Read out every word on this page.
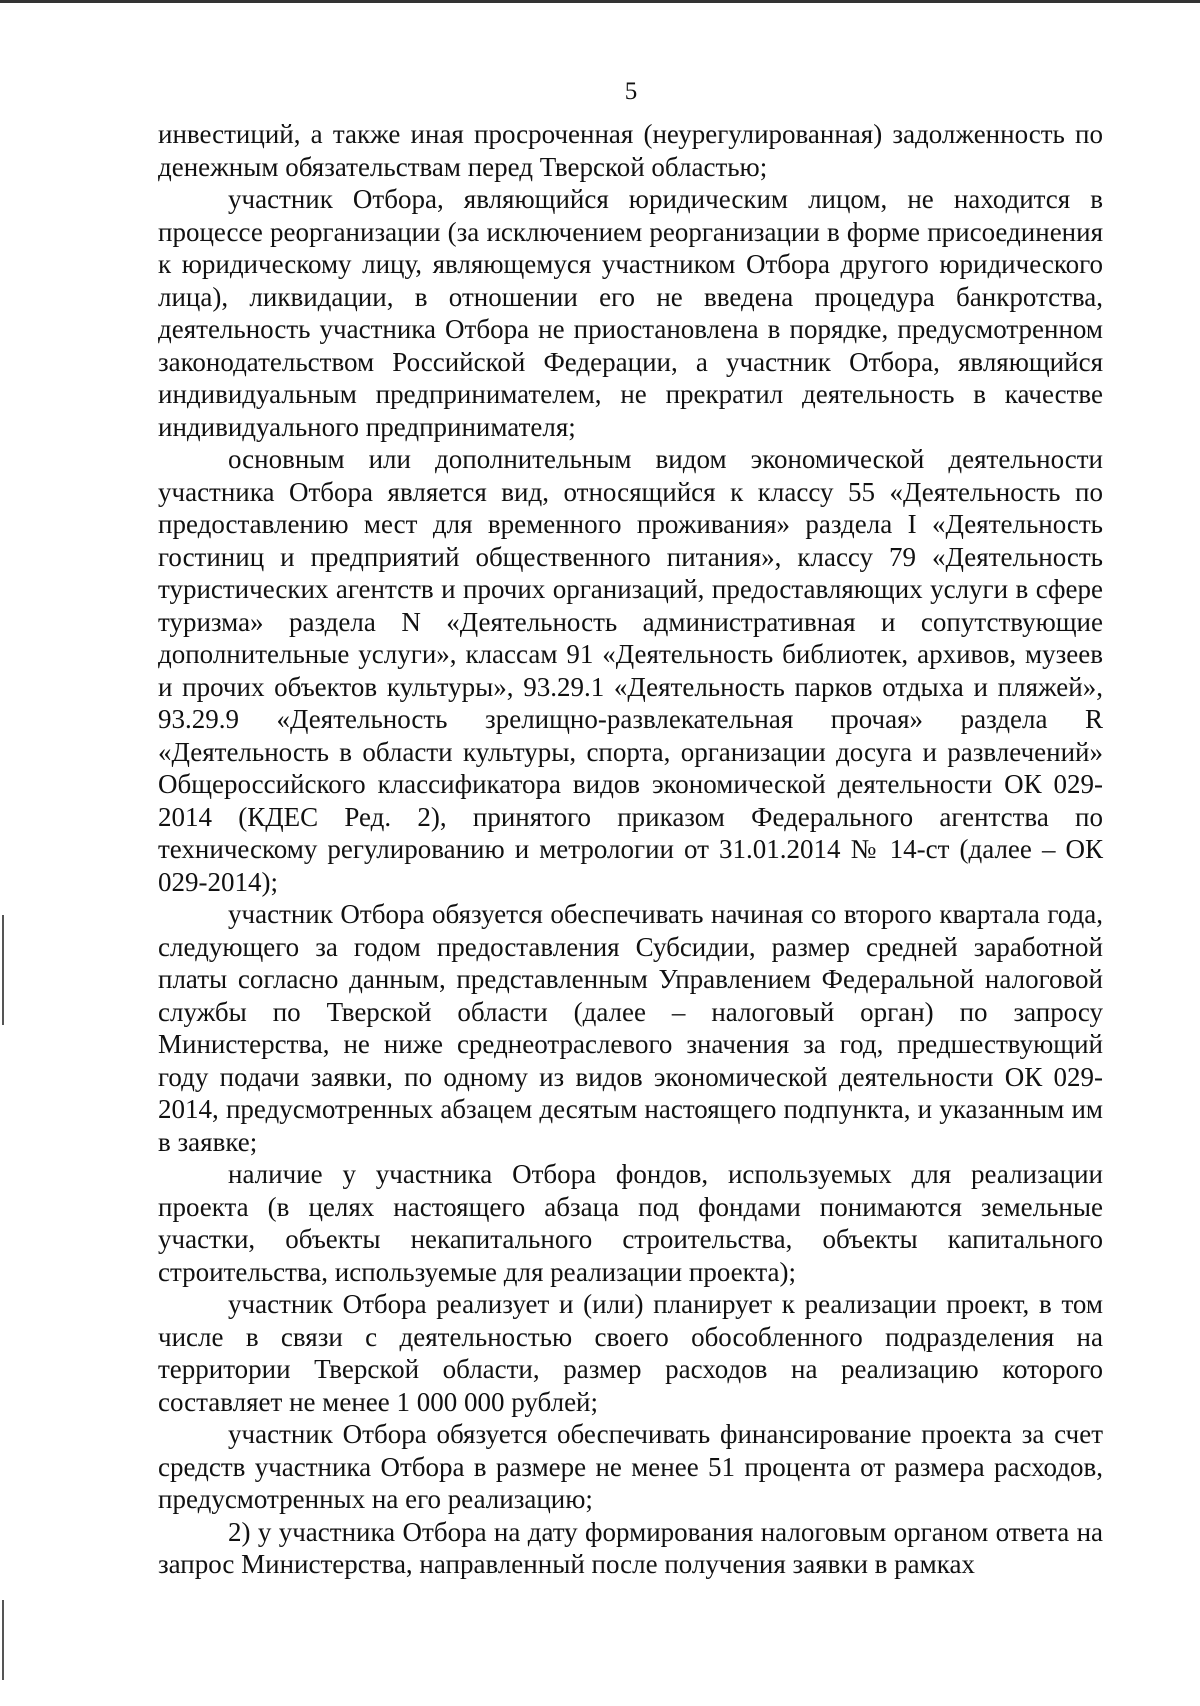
5

инвестиций, а также иная просроченная (неурегулированная) задолженность по денежным обязательствам перед Тверской областью;

участник Отбора, являющийся юридическим лицом, не находится в процессе реорганизации (за исключением реорганизации в форме присоединения к юридическому лицу, являющемуся участником Отбора другого юридического лица), ликвидации, в отношении его не введена процедура банкротства, деятельность участника Отбора не приостановлена в порядке, предусмотренном законодательством Российской Федерации, а участник Отбора, являющийся индивидуальным предпринимателем, не прекратил деятельность в качестве индивидуального предпринимателя;

основным или дополнительным видом экономической деятельности участника Отбора является вид, относящийся к классу 55 «Деятельность по предоставлению мест для временного проживания» раздела I «Деятельность гостиниц и предприятий общественного питания», классу 79 «Деятельность туристических агентств и прочих организаций, предоставляющих услуги в сфере туризма» раздела N «Деятельность административная и сопутствующие дополнительные услуги», классам 91 «Деятельность библиотек, архивов, музеев и прочих объектов культуры», 93.29.1 «Деятельность парков отдыха и пляжей», 93.29.9 «Деятельность зрелищно-развлекательная прочая» раздела R «Деятельность в области культуры, спорта, организации досуга и развлечений» Общероссийского классификатора видов экономической деятельности ОК 029-2014 (КДЕС Ред. 2), принятого приказом Федерального агентства по техническому регулированию и метрологии от 31.01.2014 № 14-ст (далее – ОК 029-2014);

участник Отбора обязуется обеспечивать начиная со второго квартала года, следующего за годом предоставления Субсидии, размер средней заработной платы согласно данным, представленным Управлением Федеральной налоговой службы по Тверской области (далее – налоговый орган) по запросу Министерства, не ниже среднеотраслевого значения за год, предшествующий году подачи заявки, по одному из видов экономической деятельности ОК 029-2014, предусмотренных абзацем десятым настоящего подпункта, и указанным им в заявке;

наличие у участника Отбора фондов, используемых для реализации проекта (в целях настоящего абзаца под фондами понимаются земельные участки, объекты некапитального строительства, объекты капитального строительства, используемые для реализации проекта);

участник Отбора реализует и (или) планирует к реализации проект, в том числе в связи с деятельностью своего обособленного подразделения на территории Тверской области, размер расходов на реализацию которого составляет не менее 1 000 000 рублей;

участник Отбора обязуется обеспечивать финансирование проекта за счет средств участника Отбора в размере не менее 51 процента от размера расходов, предусмотренных на его реализацию;

2) у участника Отбора на дату формирования налоговым органом ответа на запрос Министерства, направленный после получения заявки в рамках
